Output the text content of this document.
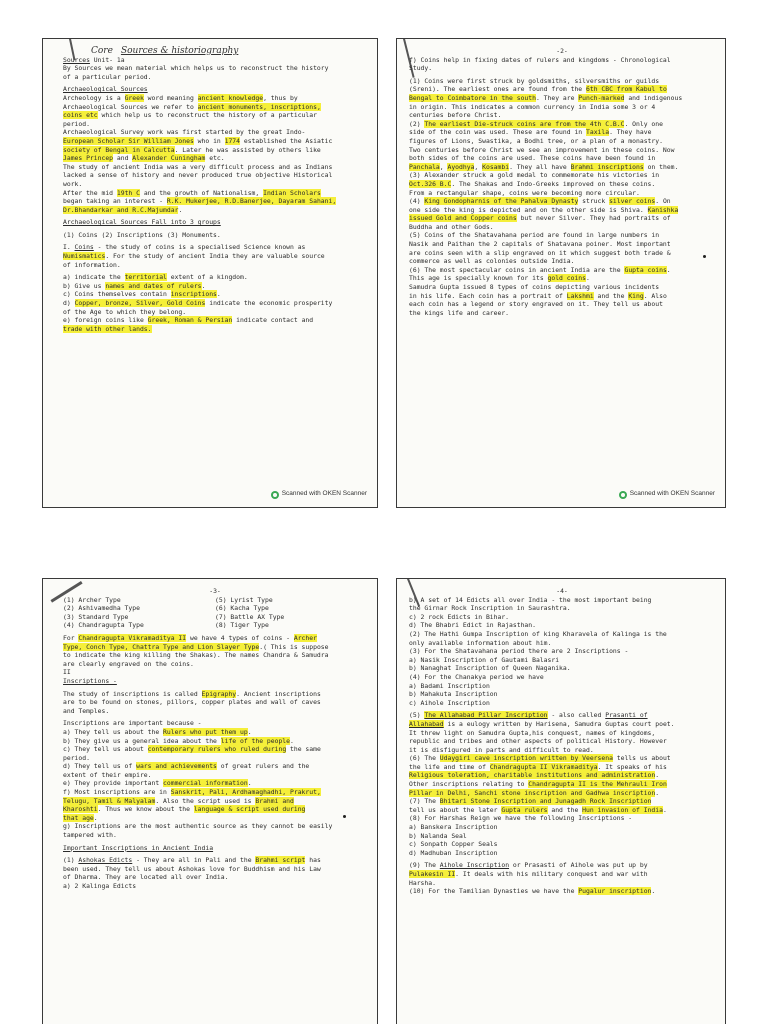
Core Sources & historiography
Sources Unit- 1a
By Sources we mean material which helps us to reconstruct the history
of a particular period.
Archaeological Sources
Archeology is a Greek word meaning ancient knowledge, thus by
Archaeological Sources we refer to ancient monuments, inscriptions,
coins etc which help us to reconstruct the history of a particular
period.
Archaeological Survey work was first started by the great Indo-
European Scholar Sir William Jones who in 1774 established the Asiatic
society of Bengal in Calcutta. Later he was assisted by others like
James Princep and Alexander Cuningham etc.
The study of ancient India was a very difficult process and as Indians
lacked a sense of history and never produced true objective Historical
work.
After the mid 19th C and the growth of Nationalism, Indian Scholars
began taking an interest - R.K. Mukerjee, R.D.Banerjee, Dayaram Sahani,
Dr.Bhandarkar and R.C.Majumdar.
Archaeological Sources Fall into 3 groups
(1) Coins (2) Inscriptions (3) Monuments.
I. Coins - the study of coins is a specialised Science known as
Numismatics. For the study of ancient India they are valuable source
of information.
a) indicate the territorial extent of a kingdom.
b) Give us names and dates of rulers.
c) Coins themselves contain inscriptions.
d) Copper, bronze, Silver, Gold Coins indicate the economic prosperity
of the Age to which they belong.
e) foreign coins like Greek, Roman & Persian indicate contact and
trade with other lands.
Scanned with OKEN Scanner
-2-
f) Coins help in fixing dates of rulers and kingdoms - Chronological
Study.
(1) Coins were first struck by goldsmiths, silversmiths or guilds
(Sreni). The earliest ones are found from the 6th CBC from Kabul to
Bengal to Coimbatore in the south. They are Punch-marked and indigenous
in origin. This indicates a common currency in India some 3 or 4
centuries before Christ.
(2) The earliest Die-struck coins are from the 4th C.B.C. Only one
side of the coin was used. These are found in Taxila. They have
figures of Lions, Swastika, a Bodhi tree, or a plan of a monastry.
Two centuries before Christ we see an improvement in these coins. Now
both sides of the coins are used. These coins have been found in
Panchala, Ayodhya, Kosambi. They all have Brahmi inscriptions on them.
(3) Alexander struck a gold medal to commemorate his victories in
Oct.326 B.C. The Shakas and Indo-Greeks improved on these coins.
From a rectangular shape, coins were becoming more circular.
(4) King Gondopharnis of the Pahalva Dynasty struck silver coins. On
one side the king is depicted and on the other side is Shiva. Kanishka
issued Gold and Copper coins but never Silver. They had portraits of
Buddha and other Gods.
(5) Coins of the Shatavahana period are found in large numbers in
Nasik and Paithan the 2 capitals of Shatavana poiner. Most important
are coins seen with a slip engraved on it which suggest both trade &
commerce as well as colonies outside India.
(6) The most spectacular coins in ancient India are the Gupta coins.
This age is specially known for its gold coins.
Samudra Gupta issued 8 types of coins depicting various incidents
in his life. Each coin has a portrait of Lakshmi and the King. Also
each coin has a legend or story engraved on it. They tell us about
the kings life and career.
Scanned with OKEN Scanner
-3-
(1) Archer Type
(2) Ashivamedha Type
(3) Standard Type
(4) Chandragupta Type
(5) Lyrist Type
(6) Kacha Type
(7) Battle AX Type
(8) Tiger Type
For Chandragupta Vikramaditya II we have 4 types of coins - Archer
Type, Conch Type, Chattra Type and Lion Slayer Type.( This is suppose
to indicate the king killing the Shakas). The names Chandra & Samudra
are clearly engraved on the coins.
II
Inscriptions -
The study of inscriptions is called Epigraphy. Ancient inscriptions
are to be found on stones, pillors, copper plates and wall of caves
and Temples.
Inscriptions are important because -
a) They tell us about the Rulers who put them up.
b) They give us a general idea about the life of the people.
c) They tell us about contemporary rulers who ruled during the same
period.
d) They tell us of wars and achievements of great rulers and the
extent of their empire.
e) They provide important commercial information.
f) Most inscriptions are in Sanskrit, Pali, Ardhamaghadhi, Prakrut,
Telugu, Tamil & Malyalam. Also the script used is Brahmi and
Kharoshti. Thus we know about the language & script used during
that age.
g) Inscriptions are the most authentic source as they cannot be easily
tampered with.
Important Inscriptions in Ancient India
(1) Ashokas Edicts - They are all in Pali and the Brahmi script has
been used. They tell us about Ashokas love for Buddhism and his Law
of Dharma. They are located all over India.
a) 2 Kalinga Edicts
-4-
b) A set of 14 Edicts all over India - the most important being
the Girnar Rock Inscription in Saurashtra.
c) 2 rock Edicts in Bihar.
d) The Bhabri Edict in Rajasthan.
(2) The Hathi Gumpa Inscription of king Kharavela of Kalinga is the
only available information about him.
(3) For the Shatavahana period there are 2 Inscriptions -
a) Nasik Inscription of Gautami Balasri
b) Nanaghat Inscription of Queen Naganika.
(4) For the Chanakya period we have
a) Badami Inscription
b) Mahakuta Inscription
c) Aihole Inscription
(5) The Allahabad Pillar Inscription - also called Prasanti of
Allahabad is a eulogy written by Harisena, Samudra Guptas court poet.
It threw light on Samudra Gupta,his conquest, names of kingdoms,
republic and tribes and other aspects of political History. However
it is disfigured in parts and difficult to read.
(6) The Udaygiri cave inscription written by Veersena tells us about
the life and time of Chandragupta II Vikramaditya. It speaks of his
Religious toleration, charitable institutions and administration.
Other inscriptions relating to Chandragupta II is the Mehrauli Iron
Pillar in Delhi, Sanchi stone inscription and Gadhwa inscription.
(7) The Bhitari Stone Inscription and Junagadh Rock Inscription
tell us about the later Gupta rulers and the Hun invasion of India.
(8) For Harshas Reign we have the following Inscriptions -
a) Banskera Inscription
b) Nalanda Seal
c) Sonpath Copper Seals
d) Madhuban Inscription
(9) The Aihole Inscription or Prasasti of Aihole was put up by
Pulakesin II. It deals with his military conquest and war with
Harsha.
(10) For the Tamilian Dynasties we have the Pugalur inscription.
